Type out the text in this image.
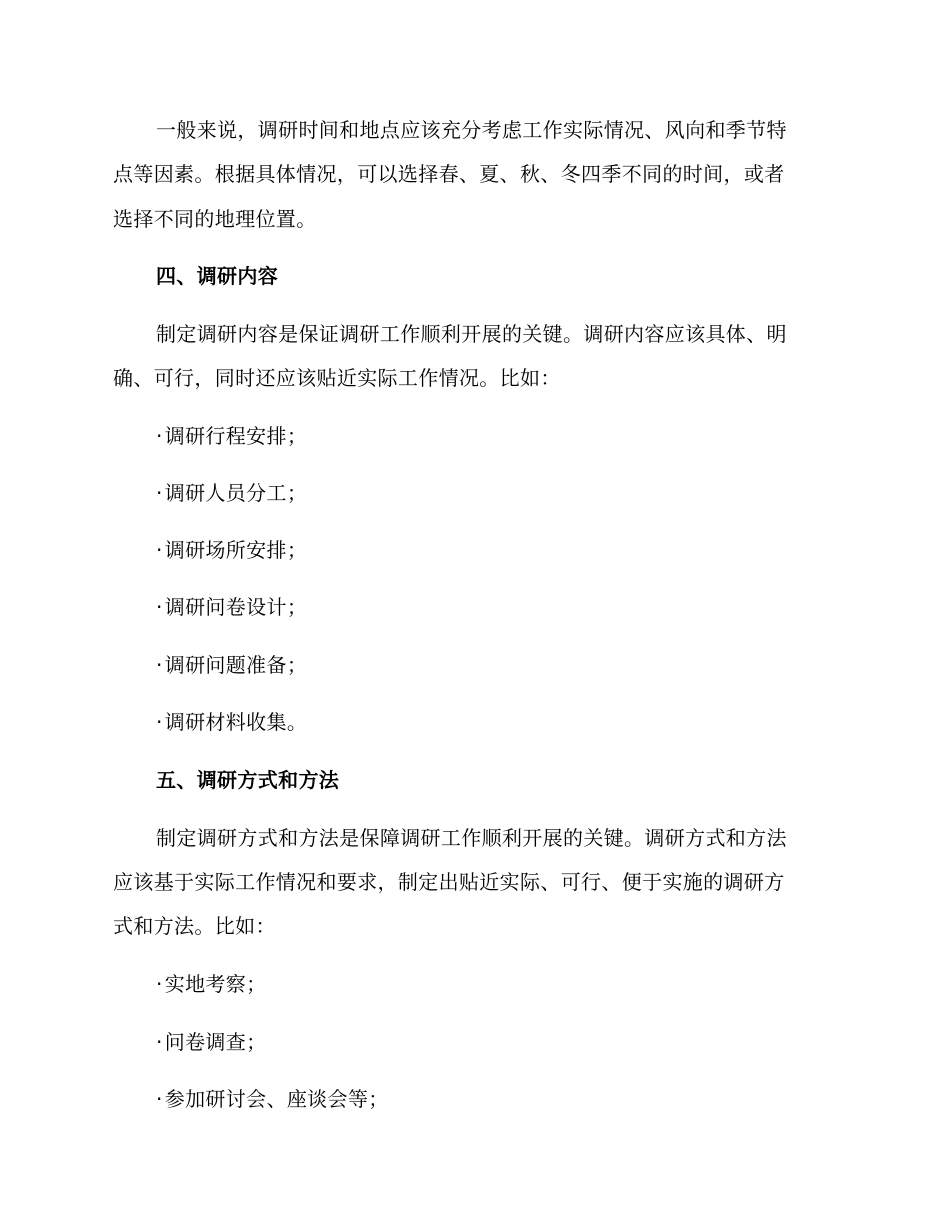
一般来说，调研时间和地点应该充分考虑工作实际情况、风向和季节特
点等因素。根据具体情况，可以选择春、夏、秋、冬四季不同的时间，或者
选择不同的地理位置。
四、调研内容
制定调研内容是保证调研工作顺利开展的关键。调研内容应该具体、明
确、可行，同时还应该贴近实际工作情况。比如：
· 调研行程安排；
· 调研人员分工；
· 调研场所安排；
· 调研问卷设计；
· 调研问题准备；
· 调研材料收集。
五、调研方式和方法
制定调研方式和方法是保障调研工作顺利开展的关键。调研方式和方法
应该基于实际工作情况和要求，制定出贴近实际、可行、便于实施的调研方
式和方法。比如：
· 实地考察；
· 问卷调查；
· 参加研讨会、座谈会等；
